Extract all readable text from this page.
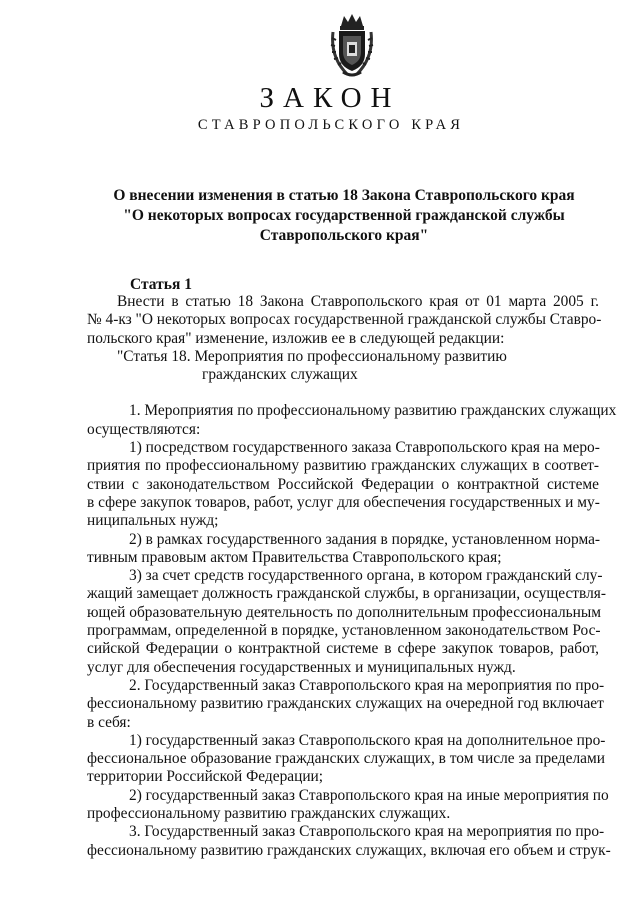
ЗАКОН
СТАВРОПОЛЬСКОГО КРАЯ
О внесении изменения в статью 18 Закона Ставропольского края
"О некоторых вопросах государственной гражданской службы
Ставропольского края"
Статья 1
Внести в статью 18 Закона Ставропольского края от 01 марта 2005 г.
№ 4-кз "О некоторых вопросах государственной гражданской службы Ставро-
польского края" изменение, изложив ее в следующей редакции:
"Статья 18. Мероприятия по профессиональному развитию
гражданских служащих
1. Мероприятия по профессиональному развитию гражданских служащих
осуществляются:
1) посредством государственного заказа Ставропольского края на меро-
приятия по профессиональному развитию гражданских служащих в соответ-
ствии с законодательством Российской Федерации о контрактной системе
в сфере закупок товаров, работ, услуг для обеспечения государственных и му-
ниципальных нужд;
2) в рамках государственного задания в порядке, установленном норма-
тивным правовым актом Правительства Ставропольского края;
3) за счет средств государственного органа, в котором гражданский слу-
жащий замещает должность гражданской службы, в организации, осуществля-
ющей образовательную деятельность по дополнительным профессиональным
программам, определенной в порядке, установленном законодательством Рос-
сийской Федерации о контрактной системе в сфере закупок товаров, работ,
услуг для обеспечения государственных и муниципальных нужд.
2. Государственный заказ Ставропольского края на мероприятия по про-
фессиональному развитию гражданских служащих на очередной год включает
в себя:
1) государственный заказ Ставропольского края на дополнительное про-
фессиональное образование гражданских служащих, в том числе за пределами
территории Российской Федерации;
2) государственный заказ Ставропольского края на иные мероприятия по
профессиональному развитию гражданских служащих.
3. Государственный заказ Ставропольского края на мероприятия по про-
фессиональному развитию гражданских служащих, включая его объем и струк-
